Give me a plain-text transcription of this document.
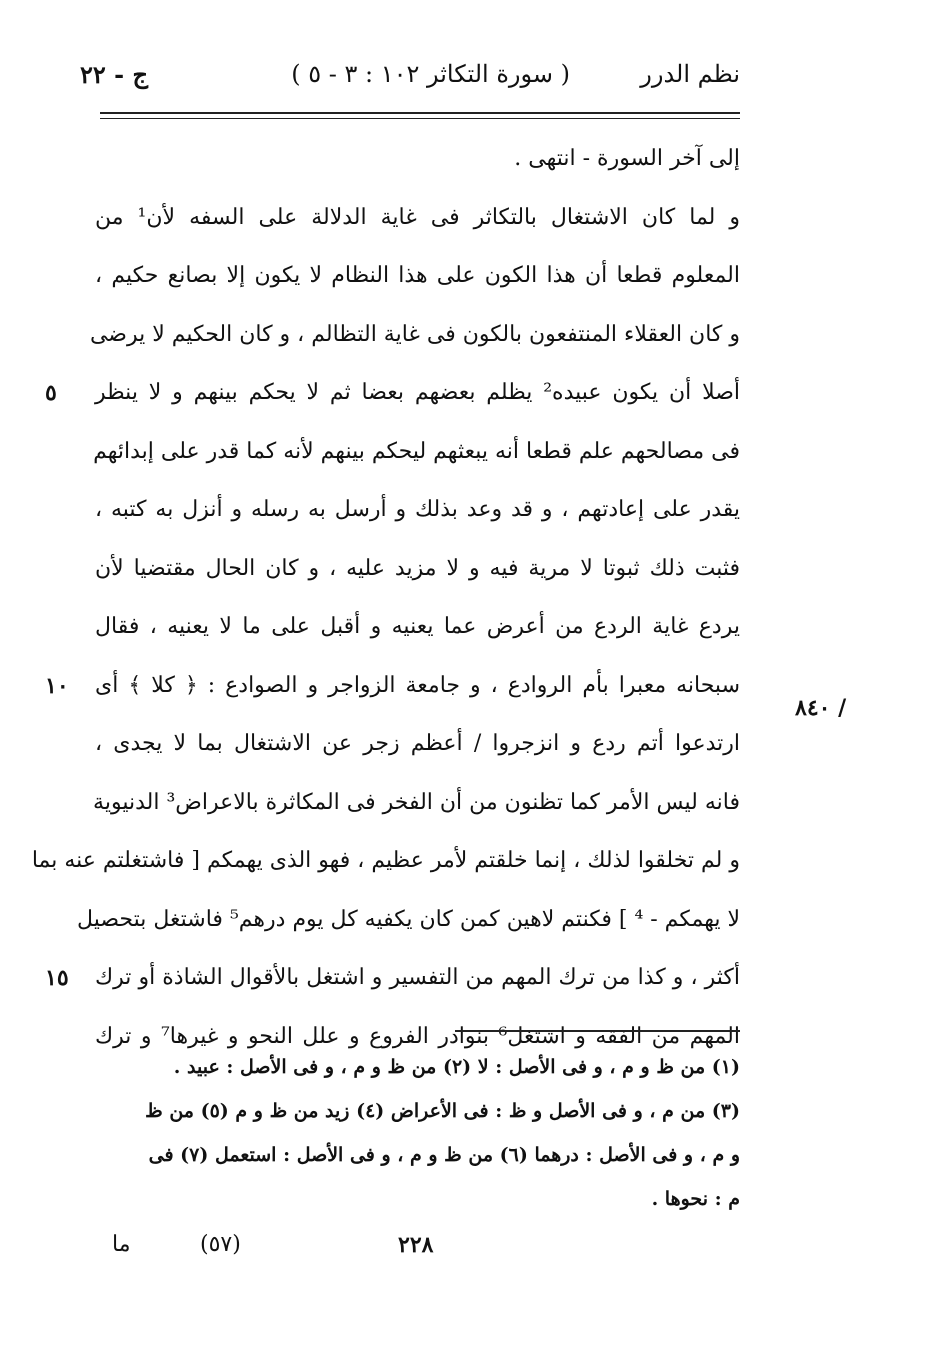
نظم الدرر
( سورة التكاثر ١٠٢ : ٣ - ٥ )
ج - ٢٢
إلى آخر السورة - انتهى .
و لما كان الاشتغال بالتكاثر فى غاية الدلالة على السفه لأن¹ من
المعلوم قطعا أن هذا الكون على هذا النظام لا يكون إلا بصانع حكيم ،
و كان العقلاء المنتفعون بالكون فى غاية التظالم ، و كان الحكيم لا يرضى
أصلا أن يكون عبيده² يظلم بعضهم بعضا ثم لا يحكم بينهم و لا ينظر
٥
فى مصالحهم علم قطعا أنه يبعثهم ليحكم بينهم لأنه كما قدر على إبدائهم
يقدر على إعادتهم ، و قد وعد بذلك و أرسل به رسله و أنزل به كتبه ،
فثبت ذلك ثبوتا لا مرية فيه و لا مزيد عليه ، و كان الحال مقتضيا لأن
يردع غاية الردع من أعرض عما يعنيه و أقبل على ما لا يعنيه ، فقال
سبحانه معبرا بأم الروادع ، و جامعة الزواجر و الصوادع : ﴿ كلا ﴾ أى
١٠
ارتدعوا أتم ردع و انزجروا / أعظم زجر عن الاشتغال بما لا يجدى ،
فانه ليس الأمر كما تظنون من أن الفخر فى المكاثرة بالاعراض³ الدنيوية
و لم تخلقوا لذلك ، إنما خلقتم لأمر عظيم ، فهو الذى يهمكم [ فاشتغلتم عنه بما
لا يهمكم - ⁴ ] فكنتم لاهين كمن كان يكفيه كل يوم درهم⁵ فاشتغل بتحصيل
أكثر ، و كذا من ترك المهم من التفسير و اشتغل بالأقوال الشاذة أو ترك
١٥
المهم من الفقه و اشتغل⁶ بنوادر الفروع و علل النحو و غيرها⁷ و ترك
٨٤٠ /
(١) من ظ و م ، و فى الأصل : لا (٢) من ظ و م ، و فى الأصل : عبيد .
(٣) من م ، و فى الأصل و ظ : فى الأعراض (٤) زيد من ظ و م (٥) من ظ
و م ، و فى الأصل : درهما (٦) من ظ و م ، و فى الأصل : استعمل (٧) فى
م : نحوها .
٢٢٨
(٥٧)
ما
